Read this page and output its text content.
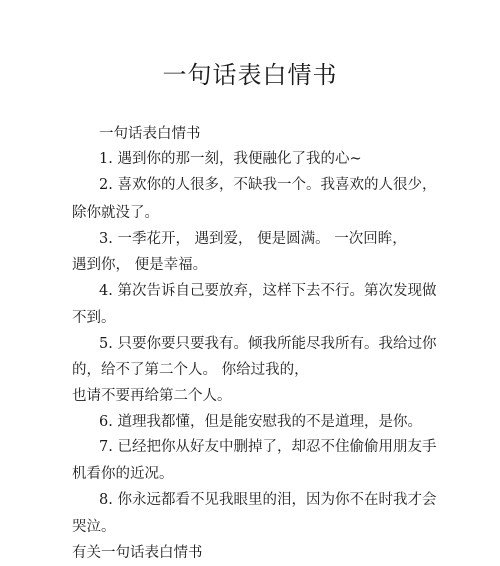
一句话表白情书
一句话表白情书
1. 遇到你的那一刻，我便融化了我的心~
2. 喜欢你的人很多，不缺我一个。我喜欢的人很少，
除你就没了。
3. 一季花开， 遇到爱， 便是圆满。 一次回眸，
遇到你， 便是幸福。
4. 第次告诉自己要放弃，这样下去不行。第次发现做
不到。
5. 只要你要只要我有。倾我所能尽我所有。我给过你
的，给不了第二个人。 你给过我的，
也请不要再给第二个人。
6. 道理我都懂，但是能安慰我的不是道理，是你。
7. 已经把你从好友中删掉了，却忍不住偷偷用朋友手
机看你的近况。
8. 你永远都看不见我眼里的泪，因为你不在时我才会
哭泣。
有关一句话表白情书
